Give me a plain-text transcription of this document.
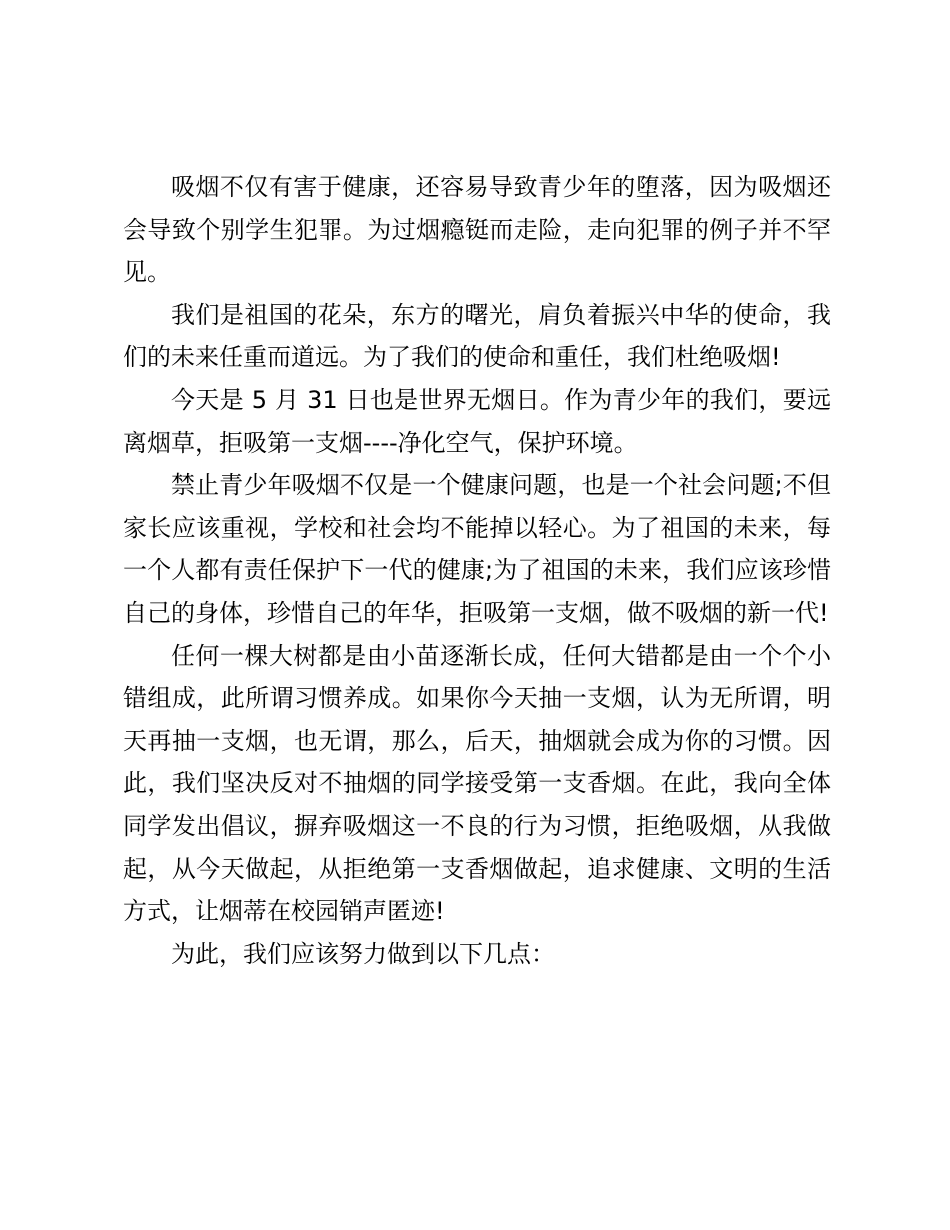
吸烟不仅有害于健康，还容易导致青少年的堕落，因为吸烟还会导致个别学生犯罪。为过烟瘾铤而走险，走向犯罪的例子并不罕见。

我们是祖国的花朵，东方的曙光，肩负着振兴中华的使命，我们的未来任重而道远。为了我们的使命和重任，我们杜绝吸烟!

今天是 5 月 31 日也是世界无烟日。作为青少年的我们，要远离烟草，拒吸第一支烟----净化空气，保护环境。

禁止青少年吸烟不仅是一个健康问题，也是一个社会问题;不但家长应该重视，学校和社会均不能掉以轻心。为了祖国的未来，每一个人都有责任保护下一代的健康;为了祖国的未来，我们应该珍惜自己的身体，珍惜自己的年华，拒吸第一支烟，做不吸烟的新一代!

任何一棵大树都是由小苗逐渐长成，任何大错都是由一个个小错组成，此所谓习惯养成。如果你今天抽一支烟，认为无所谓，明天再抽一支烟，也无谓，那么，后天，抽烟就会成为你的习惯。因此，我们坚决反对不抽烟的同学接受第一支香烟。在此，我向全体同学发出倡议，摒弃吸烟这一不良的行为习惯，拒绝吸烟，从我做起，从今天做起，从拒绝第一支香烟做起，追求健康、文明的生活方式，让烟蒂在校园销声匿迹!

为此，我们应该努力做到以下几点：
